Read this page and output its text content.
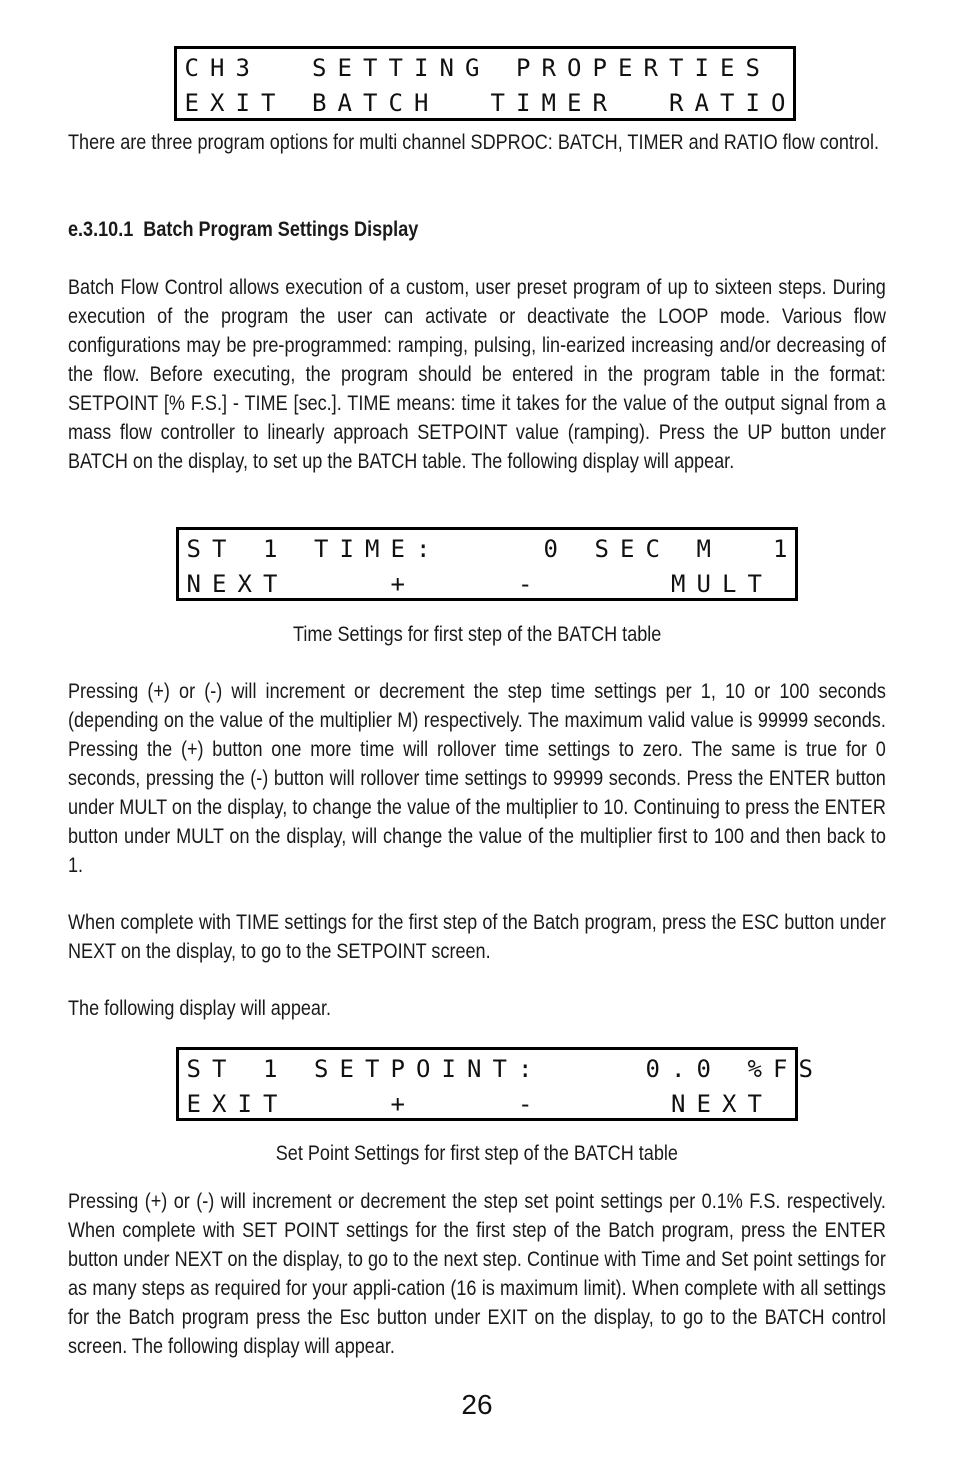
C H 3	S E T T I N G P R O P E R T I E S
E X I T B A T C H	T I M E R	R A T I O
There are three program options for multi channel SDPROC: BATCH, TIMER and RATIO flow control.
e.3.10.1  Batch Program Settings Display
Batch Flow Control allows execution of a custom, user preset program of up to sixteen steps. During execution of the program the user can activate or deactivate the LOOP mode. Various flow configurations may be pre-programmed: ramping, pulsing, lin-earized increasing and/or decreasing of the flow. Before executing, the program should be entered in the program table in the format: SETPOINT [% F.S.] - TIME [sec.]. TIME means: time it takes for the value of the output signal from a mass flow controller to linearly approach SETPOINT value (ramping). Press the UP button under BATCH on the display, to set up the BATCH table. The following display will appear.
S T 1 T I M E :	0 S E C M	1
N E X T	+	-	M U L T
Time Settings for first step of the BATCH table
Pressing (+) or (-) will increment or decrement the step time settings per 1, 10 or 100 seconds (depending on the value of the multiplier M) respectively. The maximum valid value is 99999 seconds. Pressing the (+) button one more time will rollover time settings to zero. The same is true for 0 seconds, pressing the (-) button will rollover time settings to 99999 seconds. Press the ENTER button under MULT on the display, to change the value of the multiplier to 10. Continuing to press the ENTER button under MULT on the display, will change the value of the multiplier first to 100 and then back to 1.
When complete with TIME settings for the first step of the Batch program, press the ESC button under NEXT on the display, to go to the SETPOINT screen.
The following display will appear.
S T 1 S E T P O I N T :	0 . 0 % F S
E X I T	+	-	N E X T
Set Point Settings for first step of the BATCH table
Pressing (+) or (-) will increment or decrement the step set point settings per 0.1% F.S. respectively. When complete with SET POINT settings for the first step of the Batch program, press the ENTER button under NEXT on the display, to go to the next step. Continue with Time and Set point settings for as many steps as required for your appli-cation (16 is maximum limit). When complete with all settings for the Batch program press the Esc button under EXIT on the display, to go to the BATCH control screen. The following display will appear.
26
